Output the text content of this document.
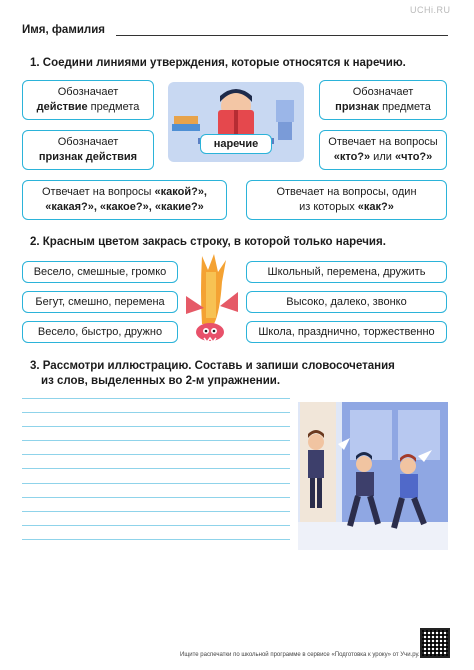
UCHi.RU
Имя, фамилия
1. Соедини линиями утверждения, которые относятся к наречию.
Обозначает
действие предмета
Обозначает
признак действия
Отвечает на вопросы «какой?»,
«какая?», «какое?», «какие?»
Обозначает
признак предмета
Отвечает на вопросы
«кто?» или «что?»
Отвечает на вопросы, один
из которых «как?»
наречие
2. Красным цветом закрась строку, в которой только наречия.
Весело, смешные, громко
Бегут, смешно, перемена
Весело, быстро, дружно
Школьный, перемена, дружить
Высоко, далеко, звонко
Школа, празднично, торжественно
3. Рассмотри иллюстрацию. Составь и запиши словосочетания
из слов, выделенных во 2-м упражнении.
Ищите распечатки по школьной программе в сервисе «Подготовка к уроку» от Учи.ру.
